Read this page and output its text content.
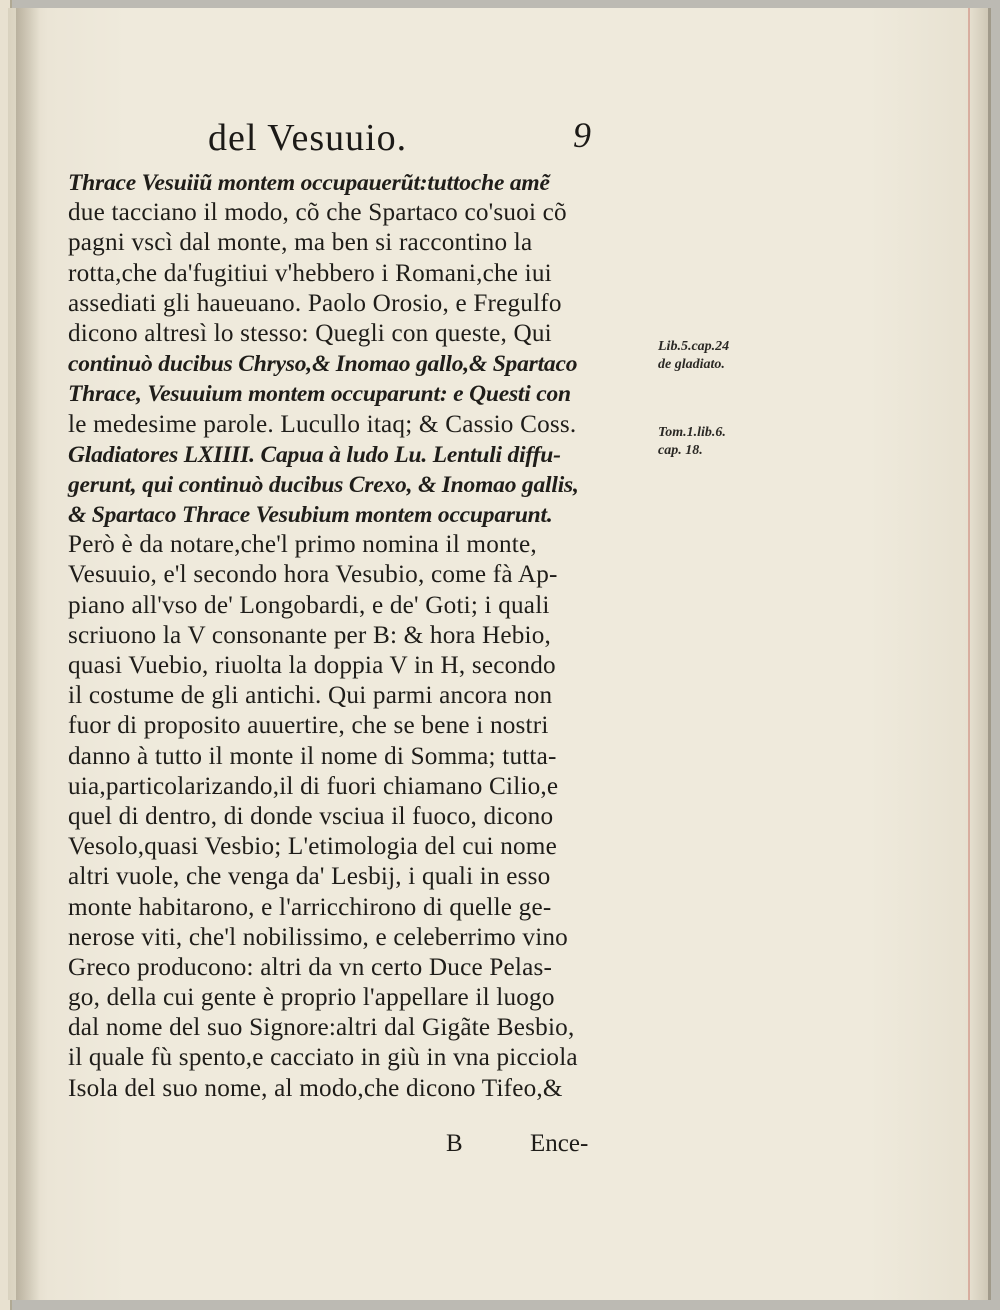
del Vesuuio.	9
Thrace Vesuiiũ montem occupauerũt:tuttoche amẽ
due tacciano il modo, cõ che Spartaco co'suoi cõ
pagni vscì dal monte, ma ben si raccontino la
rotta,che da'fugitiui v'hebbero i Romani,che iui
assediati gli haueuano. Paolo Orosio, e Fregulfo
dicono altresì lo stesso: Quegli con queste, Qui
continuò ducibus Chryso,& Inomao gallo,& Spartaco
Thrace, Vesuuium montem occuparunt: e Questi con
le medesime parole. Lucullo itaq; & Cassio Coss.
Gladiatores LXIIII. Capua à ludo Lu. Lentuli diffu-
gerunt, qui continuò ducibus Crexo, & Inomao gallis,
& Spartaco Thrace Vesubium montem occuparunt.
Però è da notare,che'l primo nomina il monte,
Vesuuio, e'l secondo hora Vesubio, come fà Ap-
piano all'vso de' Longobardi, e de' Goti; i quali
scriuono la V consonante per B: & hora Hebio,
quasi Vuebio, riuolta la doppia V in H, secondo
il costume de gli antichi. Qui parmi ancora non
fuor di proposito auuertire, che se bene i nostri
danno à tutto il monte il nome di Somma; tutta-
uia,particolarizando,il di fuori chiamano Cilio,e
quel di dentro, di donde vsciua il fuoco, dicono
Vesolo,quasi Vesbio; L'etimologia del cui nome
altri vuole, che venga da' Lesbij, i quali in esso
monte habitarono, e l'arricchirono di quelle ge-
nerose viti, che'l nobilissimo, e celeberrimo vino
Greco producono: altri da vn certo Duce Pelas-
go, della cui gente è proprio l'appellare il luogo
dal nome del suo Signore:altri dal Gigãte Besbio,
il quale fù spento,e cacciato in giù in vna picciola
Isola del suo nome, al modo,che dicono Tifeo,&
B	Ence-
Lib.5.cap.24
de gladiato.
Tom.1.lib.6.
cap. 18.
